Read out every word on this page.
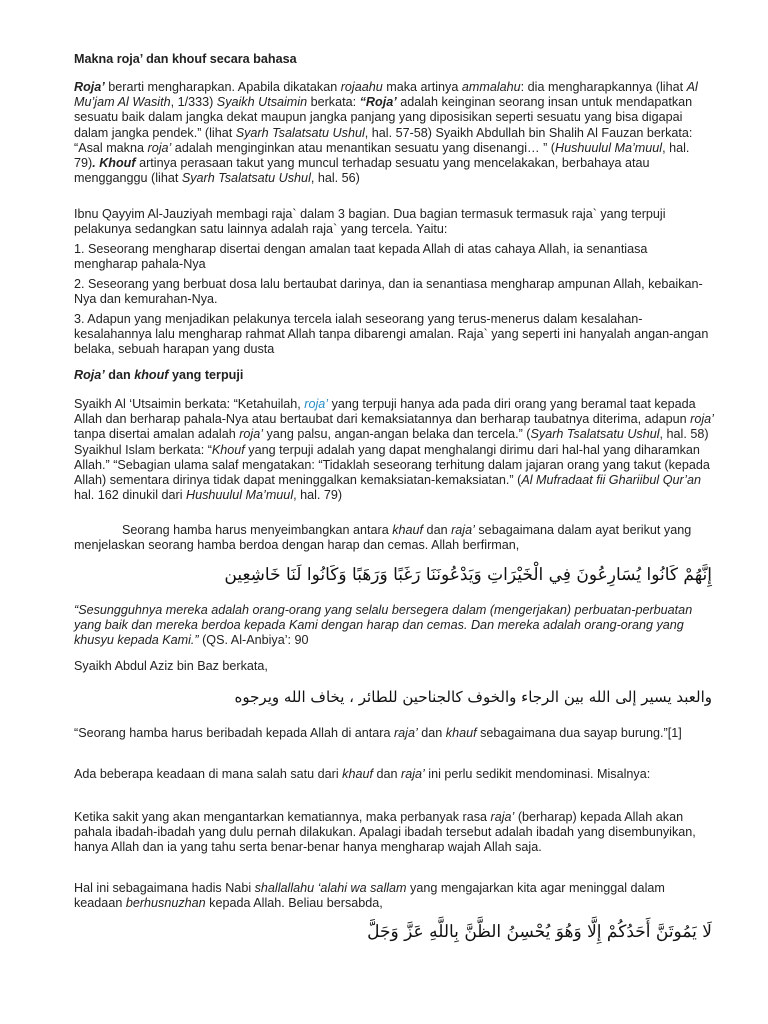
Makna roja’ dan khouf secara bahasa

Roja’ berarti mengharapkan. Apabila dikatakan rojaahu maka artinya ammalahu: dia mengharapkannya (lihat Al Mu’jam Al Wasith, 1/333) Syaikh Utsaimin berkata: “Roja’ adalah keinginan seorang insan untuk mendapatkan sesuatu baik dalam jangka dekat maupun jangka panjang yang diposisikan seperti sesuatu yang bisa digapai dalam jangka pendek.” (lihat Syarh Tsalatsatu Ushul, hal. 57-58) Syaikh Abdullah bin Shalih Al Fauzan berkata: “Asal makna roja’ adalah menginginkan atau menantikan sesuatu yang disenangi… ” (Hushuulul Ma’muul, hal. 79). Khouf artinya perasaan takut yang muncul terhadap sesuatu yang mencelakakan, berbahaya atau mengganggu (lihat Syarh Tsalatsatu Ushul, hal. 56)

Ibnu Qayyim Al-Jauziyah membagi raja` dalam 3 bagian. Dua bagian termasuk termasuk raja` yang terpuji pelakunya sedangkan satu lainnya adalah raja` yang tercela. Yaitu:

1. Seseorang mengharap disertai dengan amalan taat kepada Allah di atas cahaya Allah, ia senantiasa mengharap pahala-Nya

2. Seseorang yang berbuat dosa lalu bertaubat darinya, dan ia senantiasa mengharap ampunan Allah, kebaikan-Nya dan kemurahan-Nya.

3. Adapun yang menjadikan pelakunya tercela ialah seseorang yang terus-menerus dalam kesalahan-kesalahannya lalu mengharap rahmat Allah tanpa dibarengi amalan. Raja` yang seperti ini hanyalah angan-angan belaka, sebuah harapan yang dusta

Roja’ dan khouf yang terpuji

Syaikh Al ‘Utsaimin berkata: “Ketahuilah, roja’ yang terpuji hanya ada pada diri orang yang beramal taat kepada Allah dan berharap pahala-Nya atau bertaubat dari kemaksiatannya dan berharap taubatnya diterima, adapun roja’ tanpa disertai amalan adalah roja’ yang palsu, angan-angan belaka dan tercela.” (Syarh Tsalatsatu Ushul, hal. 58) Syaikhul Islam berkata: “Khouf yang terpuji adalah yang dapat menghalangi dirimu dari hal-hal yang diharamkan Allah.” “Sebagian ulama salaf mengatakan: “Tidaklah seseorang terhitung dalam jajaran orang yang takut (kepada Allah) sementara dirinya tidak dapat meninggalkan kemaksiatan-kemaksiatan.” (Al Mufradaat fii Ghariibul Qur’an hal. 162 dinukil dari Hushuulul Ma’muul, hal. 79)

Seorang hamba harus menyeimbangkan antara khauf dan raja’ sebagaimana dalam ayat berikut yang menjelaskan seorang hamba berdoa dengan harap dan cemas. Allah berfirman,

إِنَّهُمْ كَانُوا يُسَارِعُونَ فِي الْخَيْرَاتِ وَيَدْعُونَنَا رَغَبًا وَرَهَبًا وَكَانُوا لَنَا خَاشِعِين

“Sesungguhnya mereka adalah orang-orang yang selalu bersegera dalam (mengerjakan) perbuatan-perbuatan yang baik dan mereka berdoa kepada Kami dengan harap dan cemas. Dan mereka adalah orang-orang yang khusyu kepada Kami.” (QS. Al-Anbiya’: 90

Syaikh Abdul Aziz bin Baz berkata,

والعبد يسير إلى الله بين الرجاء والخوف كالجناحين للطائر ، يخاف الله ويرجوه

“Seorang hamba harus beribadah kepada Allah di antara raja’ dan khauf sebagaimana dua sayap burung.”[1]

Ada beberapa keadaan di mana salah satu dari khauf dan raja’ ini perlu sedikit mendominasi. Misalnya:

Ketika sakit yang akan mengantarkan kematiannya, maka perbanyak rasa raja’ (berharap) kepada Allah akan pahala ibadah-ibadah yang dulu pernah dilakukan. Apalagi ibadah tersebut adalah ibadah yang disembunyikan, hanya Allah dan ia yang tahu serta benar-benar hanya mengharap wajah Allah saja.

Hal ini sebagaimana hadis Nabi shallallahu ‘alahi wa sallam yang mengajarkan kita agar meninggal dalam keadaan berhusnuzhan kepada Allah. Beliau bersabda,

لَا يَمُوتَنَّ أَحَدُكُمْ إِلَّا وَهُوَ يُحْسِنُ الظَّنَّ بِاللَّهِ عَزَّ وَجَلَّ
